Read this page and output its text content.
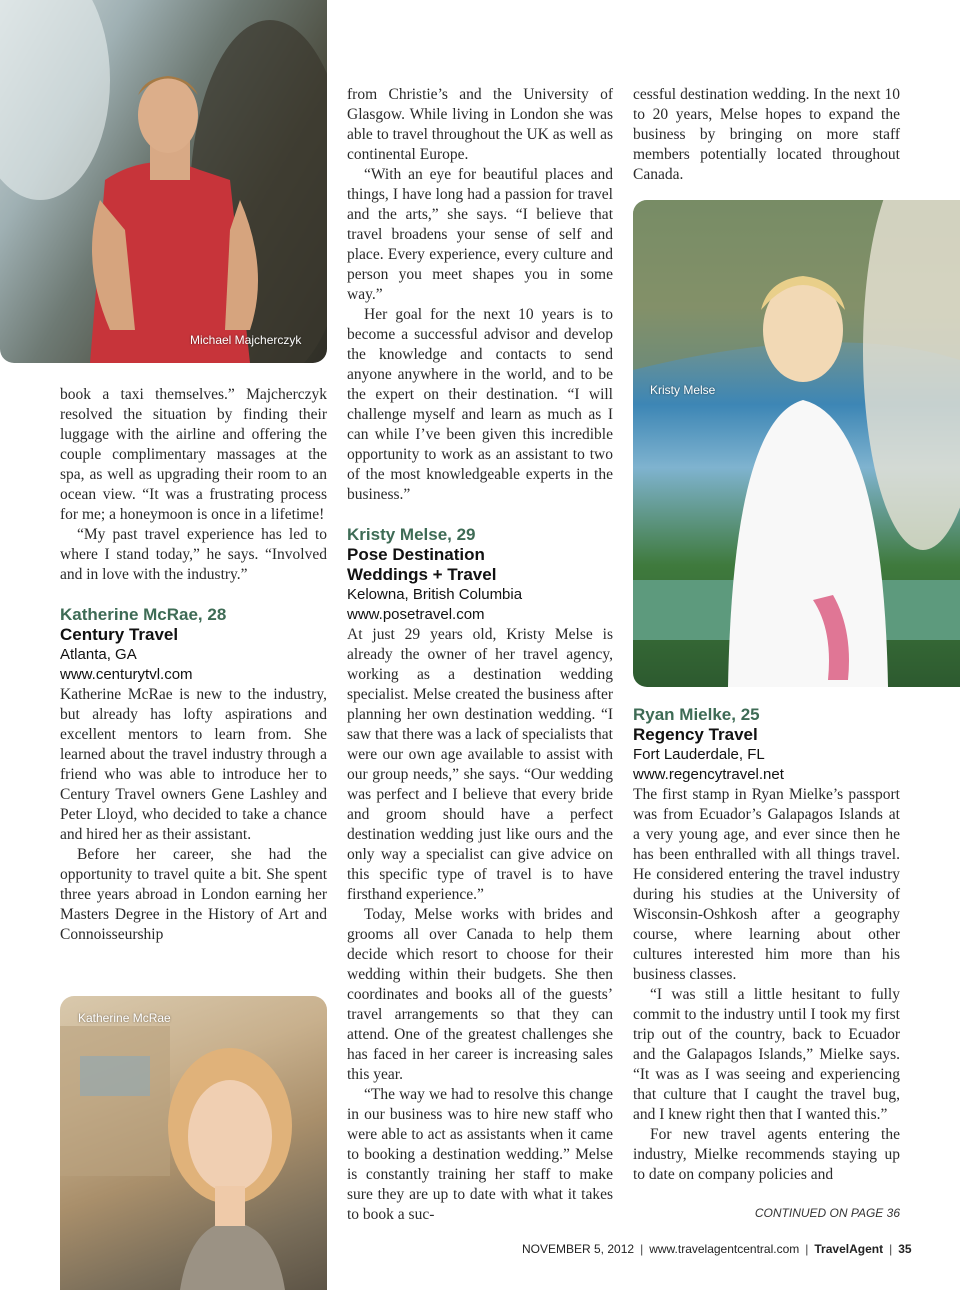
Michael Majcherczyk

book a taxi themselves.” Majcherczyk resolved the situation by finding their luggage with the airline and offering the couple complimentary massages at the spa, as well as upgrading their room to an ocean view. “It was a frustrating process for me; a honeymoon is once in a lifetime!

“My past travel experience has led to where I stand today,” he says. “Involved and in love with the industry.”

Katherine McRae, 28

Century Travel

Atlanta, GA

www.centurytvl.com

Katherine McRae is new to the industry, but already has lofty aspirations and excellent mentors to learn from. She learned about the travel industry through a friend who was able to introduce her to Century Travel owners Gene Lashley and Peter Lloyd, who decided to take a chance and hired her as their assistant.

Before her career, she had the opportunity to travel quite a bit. She spent three years abroad in London earning her Masters Degree in the History of Art and Connoisseurship

Katherine McRae

from Christie’s and the University of Glasgow. While living in London she was able to travel throughout the UK as well as continental Europe.

“With an eye for beautiful places and things, I have long had a passion for travel and the arts,” she says. “I believe that travel broadens your sense of self and place. Every experience, every culture and person you meet shapes you in some way.”

Her goal for the next 10 years is to become a successful advisor and develop the knowledge and contacts to send anyone anywhere in the world, and to be the expert on their destination. “I will challenge myself and learn as much as I can while I’ve been given this incredible opportunity to work as an assistant to two of the most knowledgeable experts in the business.”

Kristy Melse, 29

Pose Destination

Weddings + Travel

Kelowna, British Columbia

www.posetravel.com

At just 29 years old, Kristy Melse is already the owner of her travel agency, working as a destination wedding specialist. Melse created the business after planning her own destination wedding. “I saw that there was a lack of specialists that were our own age available to assist with our group needs,” she says. “Our wedding was perfect and I believe that every bride and groom should have a perfect destination wedding just like ours and the only way a specialist can give advice on this specific type of travel is to have firsthand experience.”

Today, Melse works with brides and grooms all over Canada to help them decide which resort to choose for their wedding within their budgets. She then coordinates and books all of the guests’ travel arrangements so that they can attend. One of the greatest challenges she has faced in her career is increasing sales this year.

“The way we had to resolve this change in our business was to hire new staff who were able to act as assistants when it came to booking a destination wedding.” Melse is constantly training her staff to make sure they are up to date with what it takes to book a suc-

cessful destination wedding. In the next 10 to 20 years, Melse hopes to expand the business by bringing on more staff members potentially located throughout Canada.

Kristy Melse

Ryan Mielke, 25

Regency Travel

Fort Lauderdale, FL

www.regencytravel.net

The first stamp in Ryan Mielke’s passport was from Ecuador’s Galapagos Islands at a very young age, and ever since then he has been enthralled with all things travel. He considered entering the travel industry during his studies at the University of Wisconsin-Oshkosh after a geography course, where learning about other cultures interested him more than his business classes.

“I was still a little hesitant to fully commit to the industry until I took my first trip out of the country, back to Ecuador and the Galapagos Islands,” Mielke says. “It was as I was seeing and experiencing that culture that I caught the travel bug, and I knew right then that I wanted this.”

For new travel agents entering the industry, Mielke recommends staying up to date on company policies and

CONTINUED ON PAGE 36
NOVEMBER 5, 2012 | www.travelagentcentral.com | TravelAgent | 35
